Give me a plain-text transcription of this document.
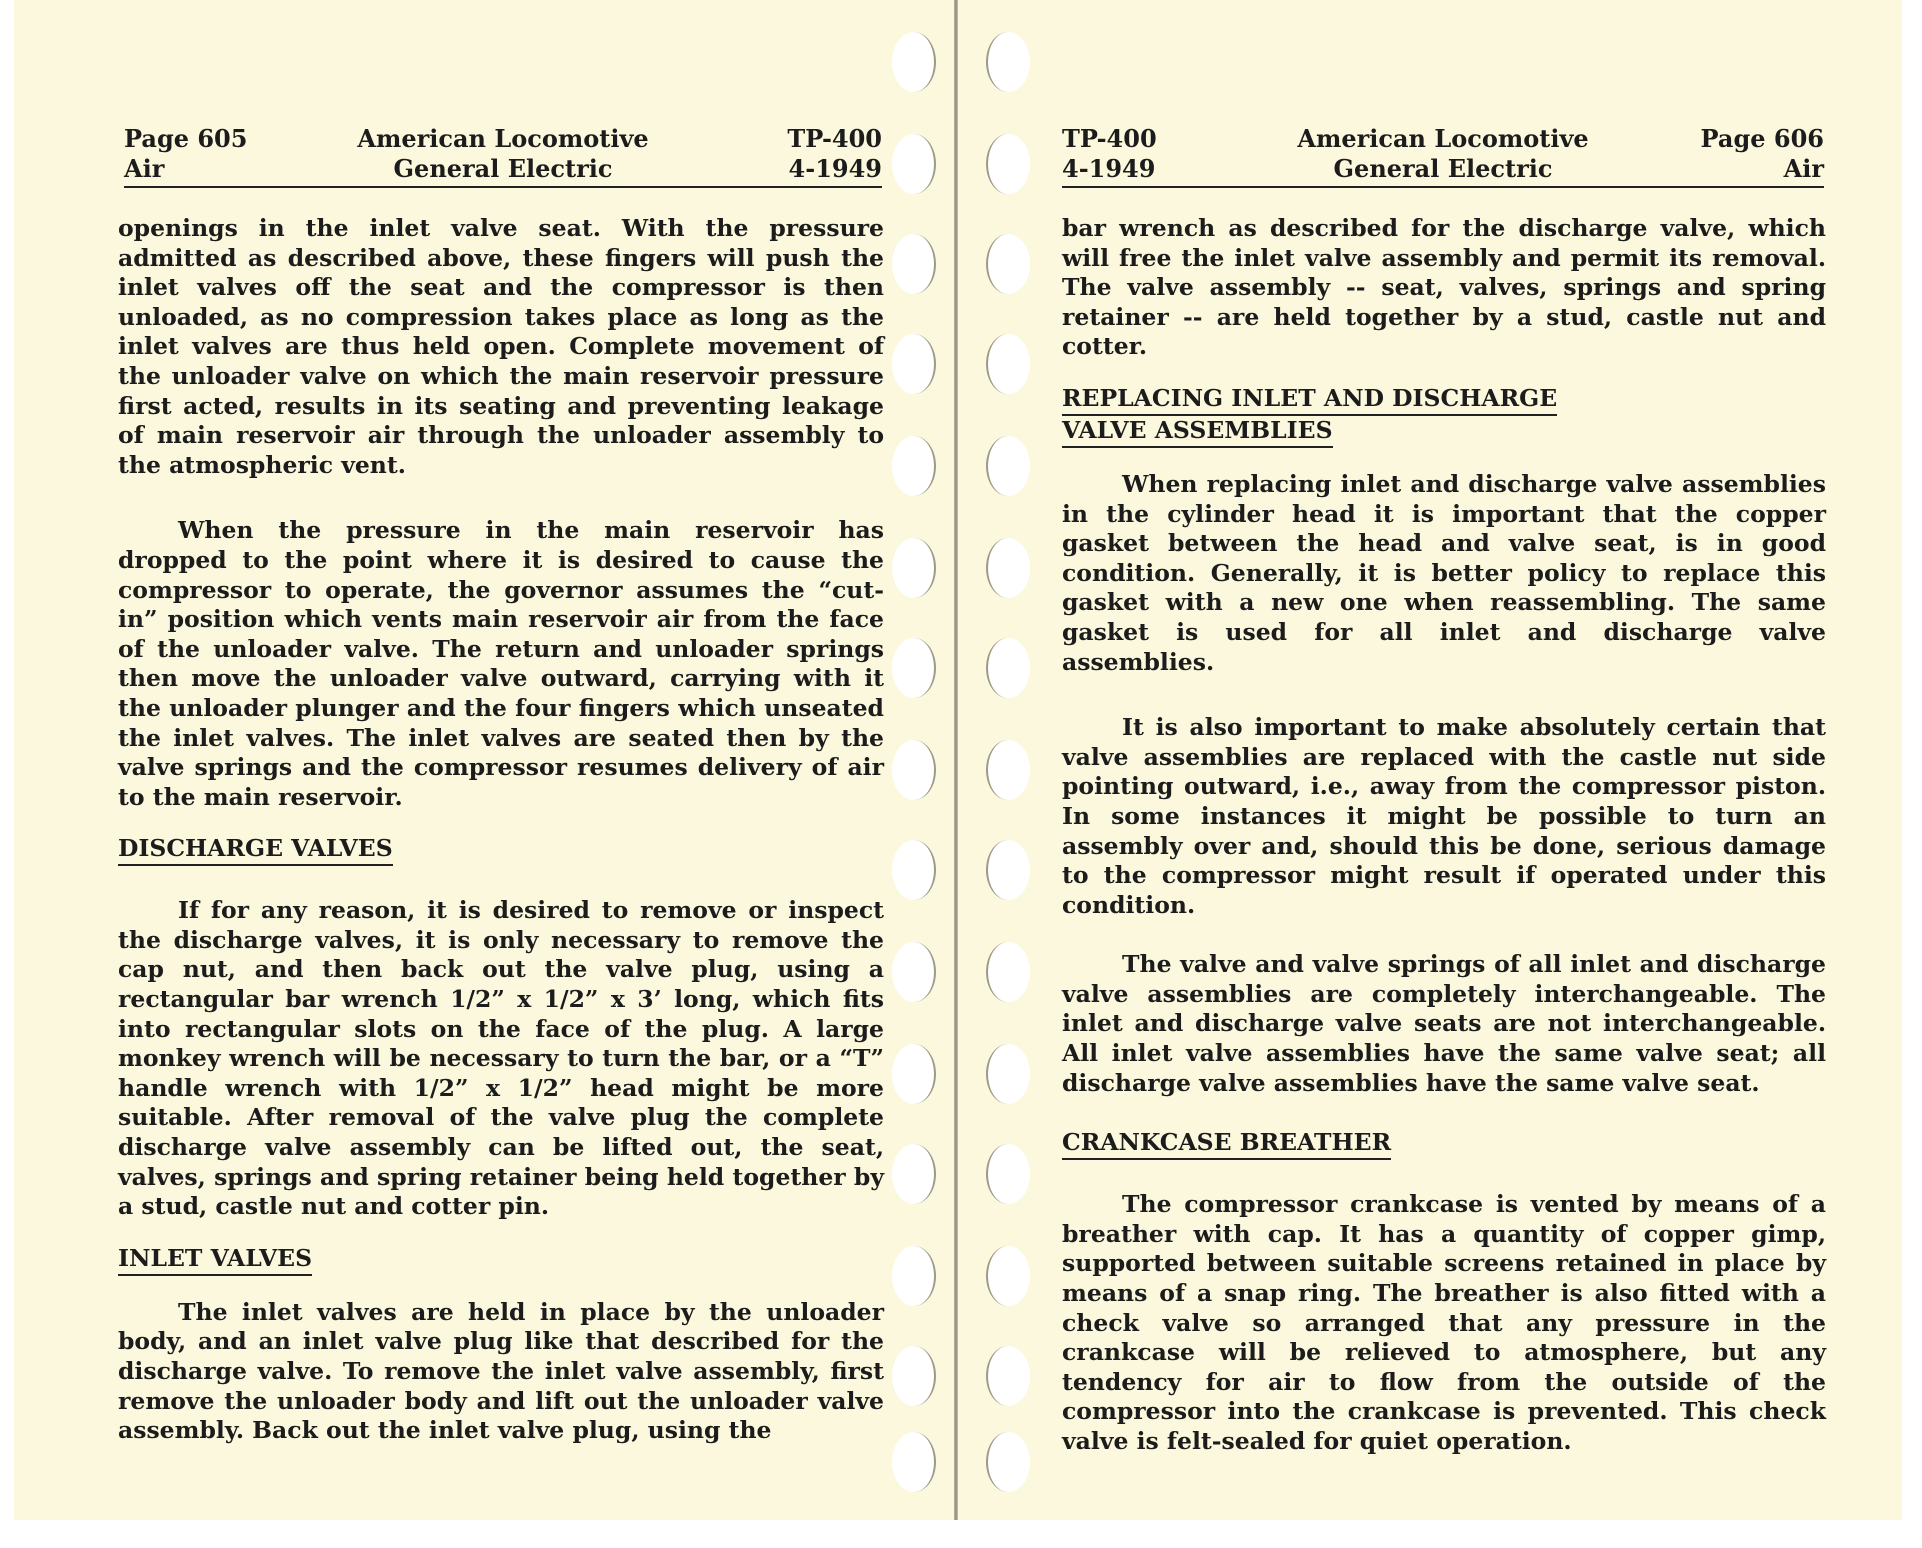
Page 605
Air
American Locomotive
General Electric
TP-400
4-1949

openings in the inlet valve seat. With the pressure admitted as described above, these fingers will push the inlet valves off the seat and the compressor is then unloaded, as no compression takes place as long as the inlet valves are thus held open. Complete movement of the unloader valve on which the main reservoir pressure first acted, results in its seating and preventing leakage of main reservoir air through the unloader assembly to the atmospheric vent.

When the pressure in the main reservoir has dropped to the point where it is desired to cause the compressor to operate, the governor assumes the “cut-in” position which vents main reservoir air from the face of the unloader valve. The return and unloader springs then move the unloader valve outward, carrying with it the unloader plunger and the four fingers which unseated the inlet valves. The inlet valves are seated then by the valve springs and the compressor resumes delivery of air to the main reservoir.

DISCHARGE VALVES

If for any reason, it is desired to remove or inspect the discharge valves, it is only necessary to remove the cap nut, and then back out the valve plug, using a rectangular bar wrench 1/2” x 1/2” x 3’ long, which fits into rectangular slots on the face of the plug. A large monkey wrench will be necessary to turn the bar, or a “T” handle wrench with 1/2” x 1/2” head might be more suitable. After removal of the valve plug the complete discharge valve assembly can be lifted out, the seat, valves, springs and spring retainer being held together by a stud, castle nut and cotter pin.

INLET VALVES

The inlet valves are held in place by the unloader body, and an inlet valve plug like that described for the discharge valve. To remove the inlet valve assembly, first remove the unloader body and lift out the unloader valve assembly. Back out the inlet valve plug, using the

TP-400
4-1949
American Locomotive
General Electric
Page 606
Air

bar wrench as described for the discharge valve, which will free the inlet valve assembly and permit its removal. The valve assembly -- seat, valves, springs and spring retainer -- are held together by a stud, castle nut and cotter.

REPLACING INLET AND DISCHARGE
VALVE ASSEMBLIES

When replacing inlet and discharge valve assemblies in the cylinder head it is important that the copper gasket between the head and valve seat, is in good condition. Generally, it is better policy to replace this gasket with a new one when reassembling. The same gasket is used for all inlet and discharge valve assemblies.

It is also important to make absolutely certain that valve assemblies are replaced with the castle nut side pointing outward, i.e., away from the compressor piston. In some instances it might be possible to turn an assembly over and, should this be done, serious damage to the compressor might result if operated under this condition.

The valve and valve springs of all inlet and discharge valve assemblies are completely interchangeable. The inlet and discharge valve seats are not interchangeable. All inlet valve assemblies have the same valve seat; all discharge valve assemblies have the same valve seat.

CRANKCASE BREATHER

The compressor crankcase is vented by means of a breather with cap. It has a quantity of copper gimp, supported between suitable screens retained in place by means of a snap ring. The breather is also fitted with a check valve so arranged that any pressure in the crankcase will be relieved to atmosphere, but any tendency for air to flow from the outside of the compressor into the crankcase is prevented. This check valve is felt-sealed for quiet operation.
